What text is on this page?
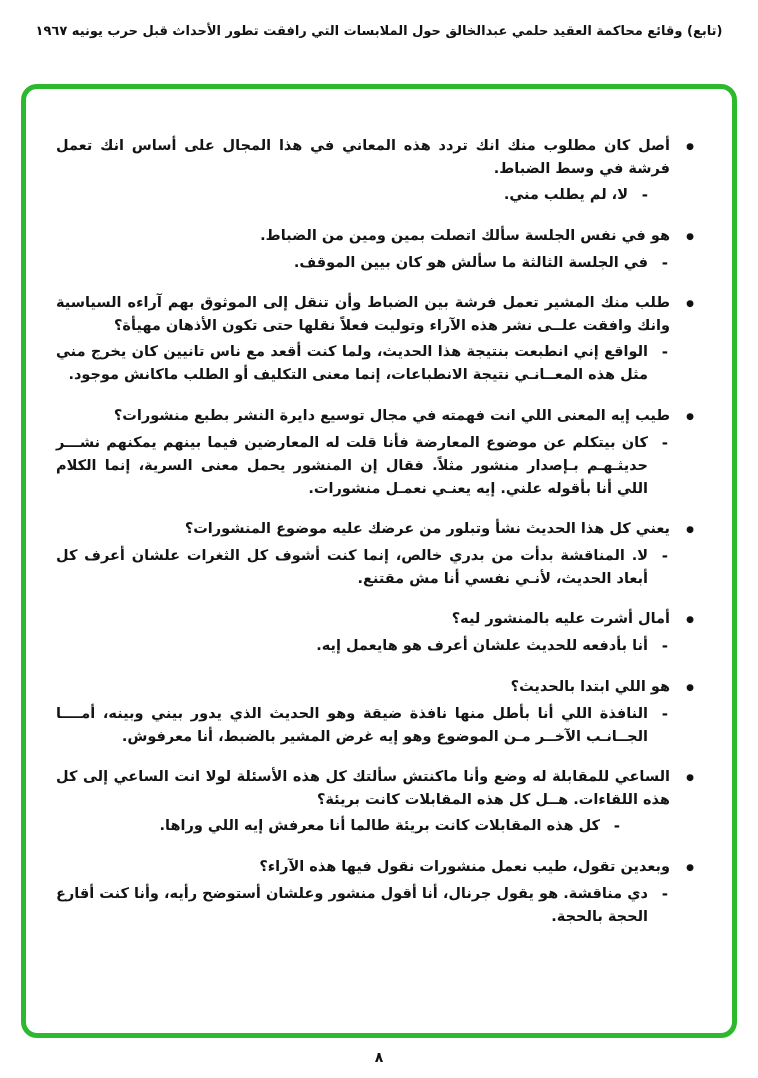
(تابع) وقائع محاكمة العقيد حلمي عبدالخالق حول الملابسات التي رافقت تطور الأحداث قبل حرب يونيه ١٩٦٧
●

أصل كان مطلوب منك انك تردد هذه المعاني في هذا المجال على أساس انك تعمل فرشة في وسط الضباط.

-

لا، لم يطلب مني.

●

هو في نفس الجلسة سألك اتصلت بمين ومين من الضباط.

-

في الجلسة الثالثة ما سألش هو كان بيين الموقف.

●

طلب منك المشير تعمل فرشة بين الضباط وأن تنقل إلى الموثوق بهم آراءه السياسية وانك وافقت علــى نشر هذه الآراء وتوليت فعلاً نقلها حتى تكون الأذهان مهيأة؟

-

الواقع إني انطبعت بنتيجة هذا الحديث، ولما كنت أقعد مع ناس تانيين كان يخرج مني مثل هذه المعــانـي نتيجة الانطباعات، إنما معنى التكليف أو الطلب ماكانش موجود.

●

طيب إيه المعنى اللي انت فهمته في مجال توسيع دايرة النشر بطبع منشورات؟

-

كان بيتكلم عن موضوع المعارضة فأنا قلت له المعارضين فيما بينهم يمكنهم نشـــر حديثـهـم بـإصدار منشور مثلاً. فقال إن المنشور يحمل معنى السرية، إنما الكلام اللي أنا بأقوله علني. إيه يعنـي نعمـل منشورات.

●

يعني كل هذا الحديث نشأ وتبلور من عرضك عليه موضوع المنشورات؟

-

لا. المناقشة بدأت من بدري خالص، إنما كنت أشوف كل الثغرات علشان أعرف كل أبعاد الحديث، لأنـي نفسي أنا مش مقتنع.

●

أمال أشرت عليه بالمنشور ليه؟

-

أنا بأدفعه للحديث علشان أعرف هو هايعمل إيه.

●

هو اللي ابتدا بالحديث؟

-

النافذة اللي أنا بأطل منها نافذة ضيقة وهو الحديث الذي يدور بيني وبينه، أمــــا الجــانـب الآخــر مـن الموضوع وهو إيه غرض المشير بالضبط، أنا معرفوش.

●

الساعي للمقابلة له وضع وأنا ماكنتش سألتك كل هذه الأسئلة لولا انت الساعي إلى كل هذه اللقاءات. هــل كل هذه المقابلات كانت بريئة؟

-

كل هذه المقابلات كانت بريئة طالما أنا معرفش إيه اللي وراها.

●

وبعدين تقول، طيب نعمل منشورات نقول فيها هذه الآراء؟

-

دي مناقشة. هو يقول جرنال، أنا أقول منشور وعلشان أستوضح رأيه، وأنا كنت أقارع الحجة بالحجة.

٨
